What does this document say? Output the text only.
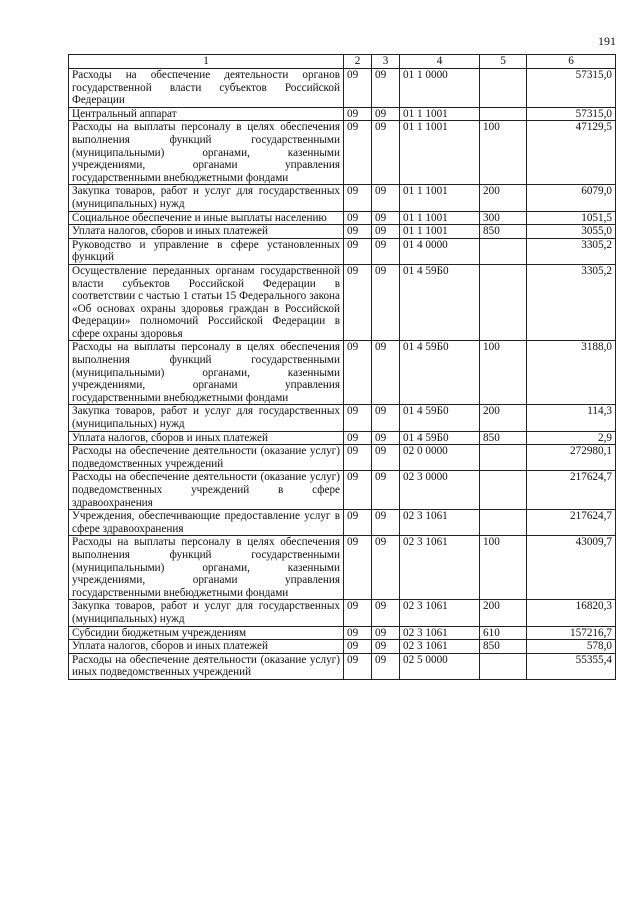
191
1	2	3	4	5	6
Расходы на обеспечение деятельности органов государственной власти субъектов Российской Федерации	09	09	01 1 0000		57315,0
Центральный аппарат	09	09	01 1 1001		57315,0
Расходы на выплаты персоналу в целях обеспечения выполнения функций государственными (муниципальными) органами, казенными учреждениями, органами управления государственными внебюджетными фондами	09	09	01 1 1001	100	47129,5
Закупка товаров, работ и услуг для государственных (муниципальных) нужд	09	09	01 1 1001	200	6079,0
Социальное обеспечение и иные выплаты населению	09	09	01 1 1001	300	1051,5
Уплата налогов, сборов и иных платежей	09	09	01 1 1001	850	3055,0
Руководство и управление в сфере установленных функций	09	09	01 4 0000		3305,2
Осуществление переданных органам государственной власти субъектов Российской Федерации в соответствии с частью 1 статьи 15 Федерального закона «Об основах охраны здоровья граждан в Российской Федерации» полномочий Российской Федерации в сфере охраны здоровья	09	09	01 4 59Б0		3305,2
Расходы на выплаты персоналу в целях обеспечения выполнения функций государственными (муниципальными) органами, казенными учреждениями, органами управления государственными внебюджетными фондами	09	09	01 4 59Б0	100	3188,0
Закупка товаров, работ и услуг для государственных (муниципальных) нужд	09	09	01 4 59Б0	200	114,3
Уплата налогов, сборов и иных платежей	09	09	01 4 59Б0	850	2,9
Расходы на обеспечение деятельности (оказание услуг) подведомственных учреждений	09	09	02 0 0000		272980,1
Расходы на обеспечение деятельности (оказание услуг) подведомственных учреждений в сфере здравоохранения	09	09	02 3 0000		217624,7
Учреждения, обеспечивающие предоставление услуг в сфере здравоохранения	09	09	02 3 1061		217624,7
Расходы на выплаты персоналу в целях обеспечения выполнения функций государственными (муниципальными) органами, казенными учреждениями, органами управления государственными внебюджетными фондами	09	09	02 3 1061	100	43009,7
Закупка товаров, работ и услуг для государственных (муниципальных) нужд	09	09	02 3 1061	200	16820,3
Субсидии бюджетным учреждениям	09	09	02 3 1061	610	157216,7
Уплата налогов, сборов и иных платежей	09	09	02 3 1061	850	578,0
Расходы на обеспечение деятельности (оказание услуг) иных подведомственных учреждений	09	09	02 5 0000		55355,4
